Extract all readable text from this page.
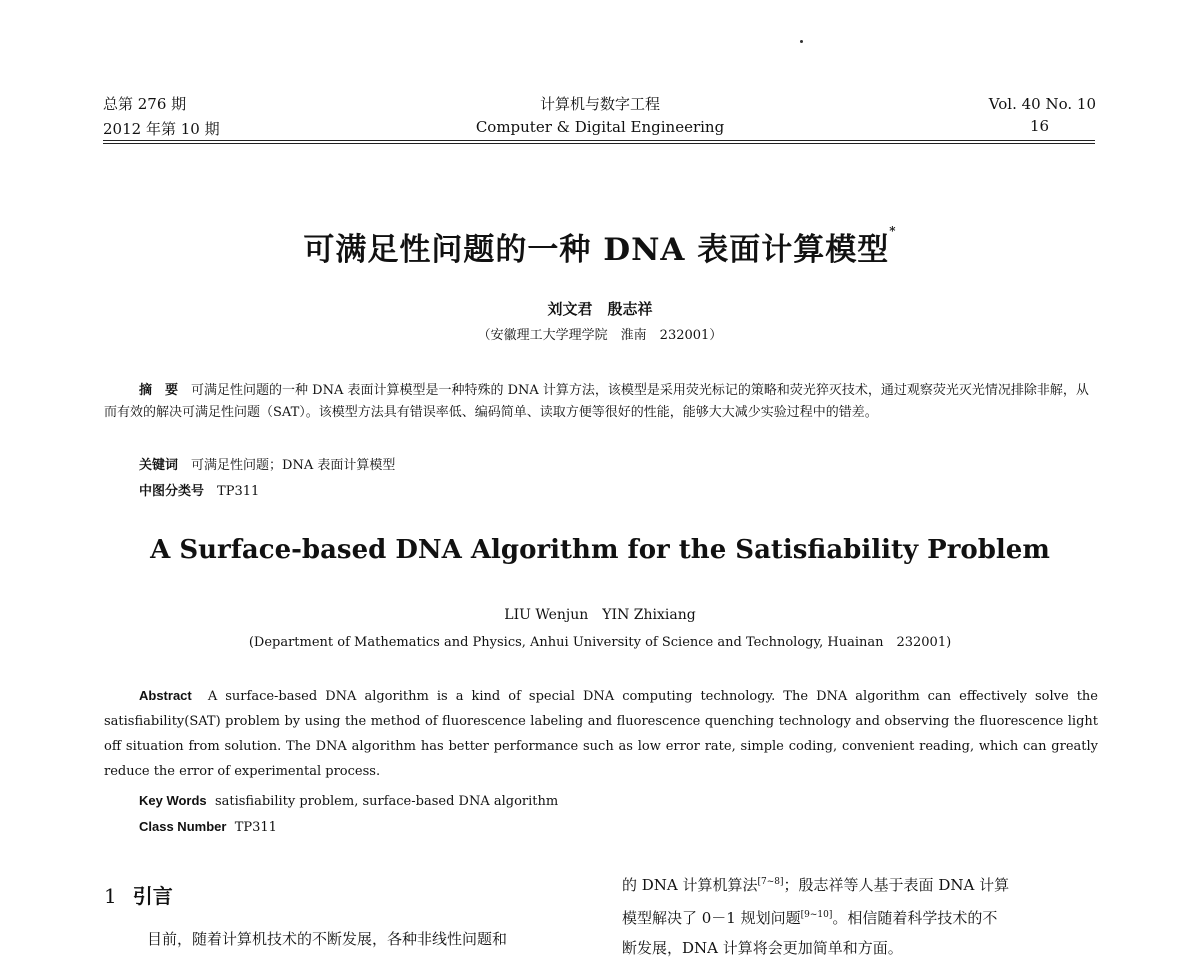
总第 276 期
2012 年第 10 期
计算机与数字工程
Computer & Digital Engineering
Vol. 40 No. 10
16
可满足性问题的一种 DNA 表面计算模型*
刘文君　殷志祥
（安徽理工大学理学院　淮南　232001）
摘　要　 可满足性问题的一种 DNA 表面计算模型是一种特殊的 DNA 计算方法，该模型是采用荧光标记的策略和荧光猝灭技术，通过观察荧光灭光情况排除非解，从而有效的解决可满足性问题（SAT）。该模型方法具有错误率低、编码简单、读取方便等很好的性能，能够大大减少实验过程中的错差。
关键词　 可满足性问题；DNA 表面计算模型
中图分类号　 TP311
A Surface-based DNA Algorithm for the Satisfiability Problem
LIU Wenjun　YIN Zhixiang
(Department of Mathematics and Physics, Anhui University of Science and Technology, Huainan　232001)
Abstract A surface-based DNA algorithm is a kind of special DNA computing technology. The DNA algorithm can effectively solve the satisfiability(SAT) problem by using the method of fluorescence labeling and fluorescence quenching technology and observing the fluorescence light off situation from solution. The DNA algorithm has better performance such as low error rate, simple coding, convenient reading, which can greatly reduce the error of experimental process.
Key Words satisfiability problem, surface-based DNA algorithm
Class Number TP311
1 引言
目前，随着计算机技术的不断发展，各种非线性问题和
的 DNA 计算机算法[7~8]；殷志祥等人基于表面 DNA 计算
模型解决了 0－1 规划问题[9~10]。相信随着科学技术的不
断发展，DNA 计算将会更加简单和方面。
